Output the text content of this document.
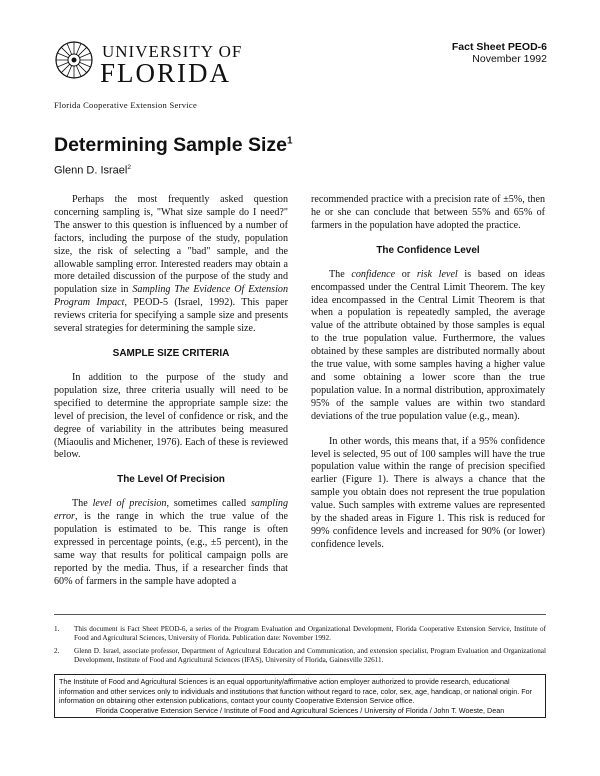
UNIVERSITY OF
FLORIDA
Florida Cooperative Extension Service
Fact Sheet PEOD-6
November 1992
Determining Sample Size$^1$
Glenn D. Israel$^2$

Perhaps the most frequently asked question concerning sampling is, "What size sample do I need?" The answer to this question is influenced by a number of factors, including the purpose of the study, population size, the risk of selecting a "bad" sample, and the allowable sampling error. Interested readers may obtain a more detailed discussion of the purpose of the study and population size in Sampling The Evidence Of Extension Program Impact, PEOD-5 (Israel, 1992). This paper reviews criteria for specifying a sample size and presents several strategies for determining the sample size.

SAMPLE SIZE CRITERIA

In addition to the purpose of the study and population size, three criteria usually will need to be specified to determine the appropriate sample size: the level of precision, the level of confidence or risk, and the degree of variability in the attributes being measured (Miaoulis and Michener, 1976). Each of these is reviewed below.

The Level Of Precision

The level of precision, sometimes called sampling error, is the range in which the true value of the population is estimated to be. This range is often expressed in percentage points, (e.g., ±5 percent), in the same way that results for political campaign polls are reported by the media. Thus, if a researcher finds that 60% of farmers in the sample have adopted a

recommended practice with a precision rate of ±5%, then he or she can conclude that between 55% and 65% of farmers in the population have adopted the practice.

The Confidence Level

The confidence or risk level is based on ideas encompassed under the Central Limit Theorem. The key idea encompassed in the Central Limit Theorem is that when a population is repeatedly sampled, the average value of the attribute obtained by those samples is equal to the true population value. Furthermore, the values obtained by these samples are distributed normally about the true value, with some samples having a higher value and some obtaining a lower score than the true population value. In a normal distribution, approximately 95% of the sample values are within two standard deviations of the true population value (e.g., mean).

In other words, this means that, if a 95% confidence level is selected, 95 out of 100 samples will have the true population value within the range of precision specified earlier (Figure 1). There is always a chance that the sample you obtain does not represent the true population value. Such samples with extreme values are represented by the shaded areas in Figure 1. This risk is reduced for 99% confidence levels and increased for 90% (or lower) confidence levels.

1. This document is Fact Sheet PEOD-6, a series of the Program Evaluation and Organizational Development, Florida Cooperative Extension Service, Institute of Food and Agricultural Sciences, University of Florida. Publication date: November 1992.
2. Glenn D. Israel, associate professor, Department of Agricultural Education and Communication, and extension specialist, Program Evaluation and Organizational Development, Institute of Food and Agricultural Sciences (IFAS), University of Florida, Gainesville 32611.
The Institute of Food and Agricultural Sciences is an equal opportunity/affirmative action employer authorized to provide research, educational information and other services only to individuals and institutions that function without regard to race, color, sex, age, handicap, or national origin. For information on obtaining other extension publications, contact your county Cooperative Extension Service office.
Florida Cooperative Extension Service / Institute of Food and Agricultural Sciences / University of Florida / John T. Woeste, Dean
